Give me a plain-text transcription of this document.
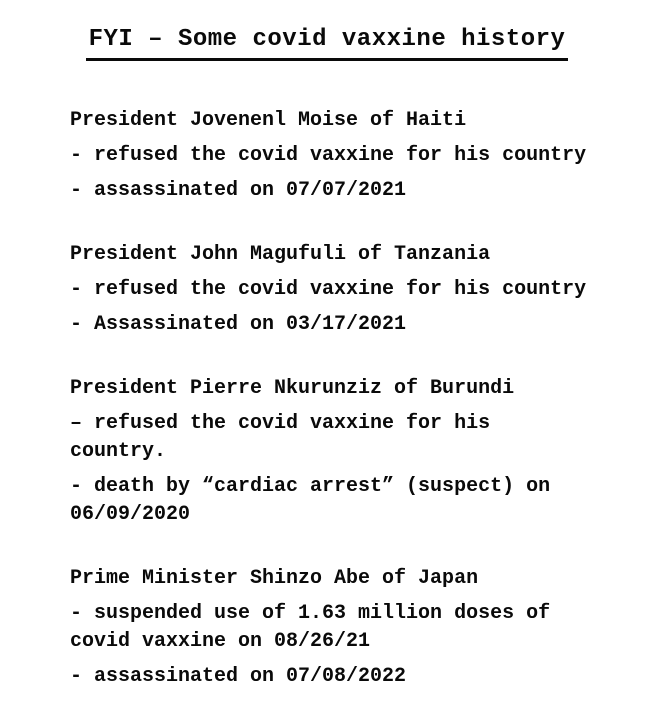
FYI – Some covid vaxxine history
President Jovenenl Moise of Haiti
- refused the covid vaxxine for his country
- assassinated on 07/07/2021
President John Magufuli of Tanzania
- refused the covid vaxxine for his country
- Assassinated on 03/17/2021
President Pierre Nkurunziz of Burundi
– refused the covid vaxxine for his
country.
- death by “cardiac arrest” (suspect) on
06/09/2020
Prime Minister Shinzo Abe of Japan
- suspended use of 1.63 million doses of
covid vaxxine on 08/26/21
- assassinated on 07/08/2022
